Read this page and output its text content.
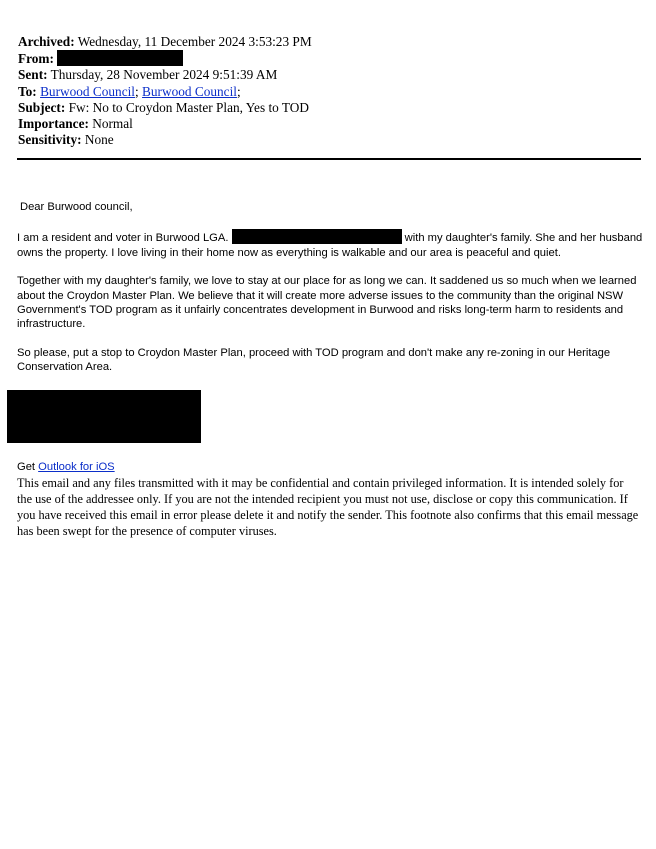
Archived: Wednesday, 11 December 2024 3:53:23 PM
From:
Sent: Thursday, 28 November 2024 9:51:39 AM
To: Burwood Council; Burwood Council;
Subject: Fw: No to Croydon Master Plan, Yes to TOD
Importance: Normal
Sensitivity: None

Dear Burwood council,

I am a resident and voter in Burwood LGA.	with my daughter's family. She and her husband owns the property. I love living in their home now as everything is walkable and our area is peaceful and quiet.

Together with my daughter's family, we love to stay at our place for as long we can. It saddened us so much when we learned about the Croydon Master Plan. We believe that it will create more adverse issues to the community than the original NSW Government's TOD program as it unfairly concentrates development in Burwood and risks long-term harm to residents and infrastructure.

So please, put a stop to Croydon Master Plan, proceed with TOD program and don't make any re-zoning in our Heritage Conservation Area.

Get Outlook for iOS
This email and any files transmitted with it may be confidential and contain privileged information. It is intended solely for the use of the addressee only. If you are not the intended recipient you must not use, disclose or copy this communication. If you have received this email in error please delete it and notify the sender. This footnote also confirms that this email message has been swept for the presence of computer viruses.
